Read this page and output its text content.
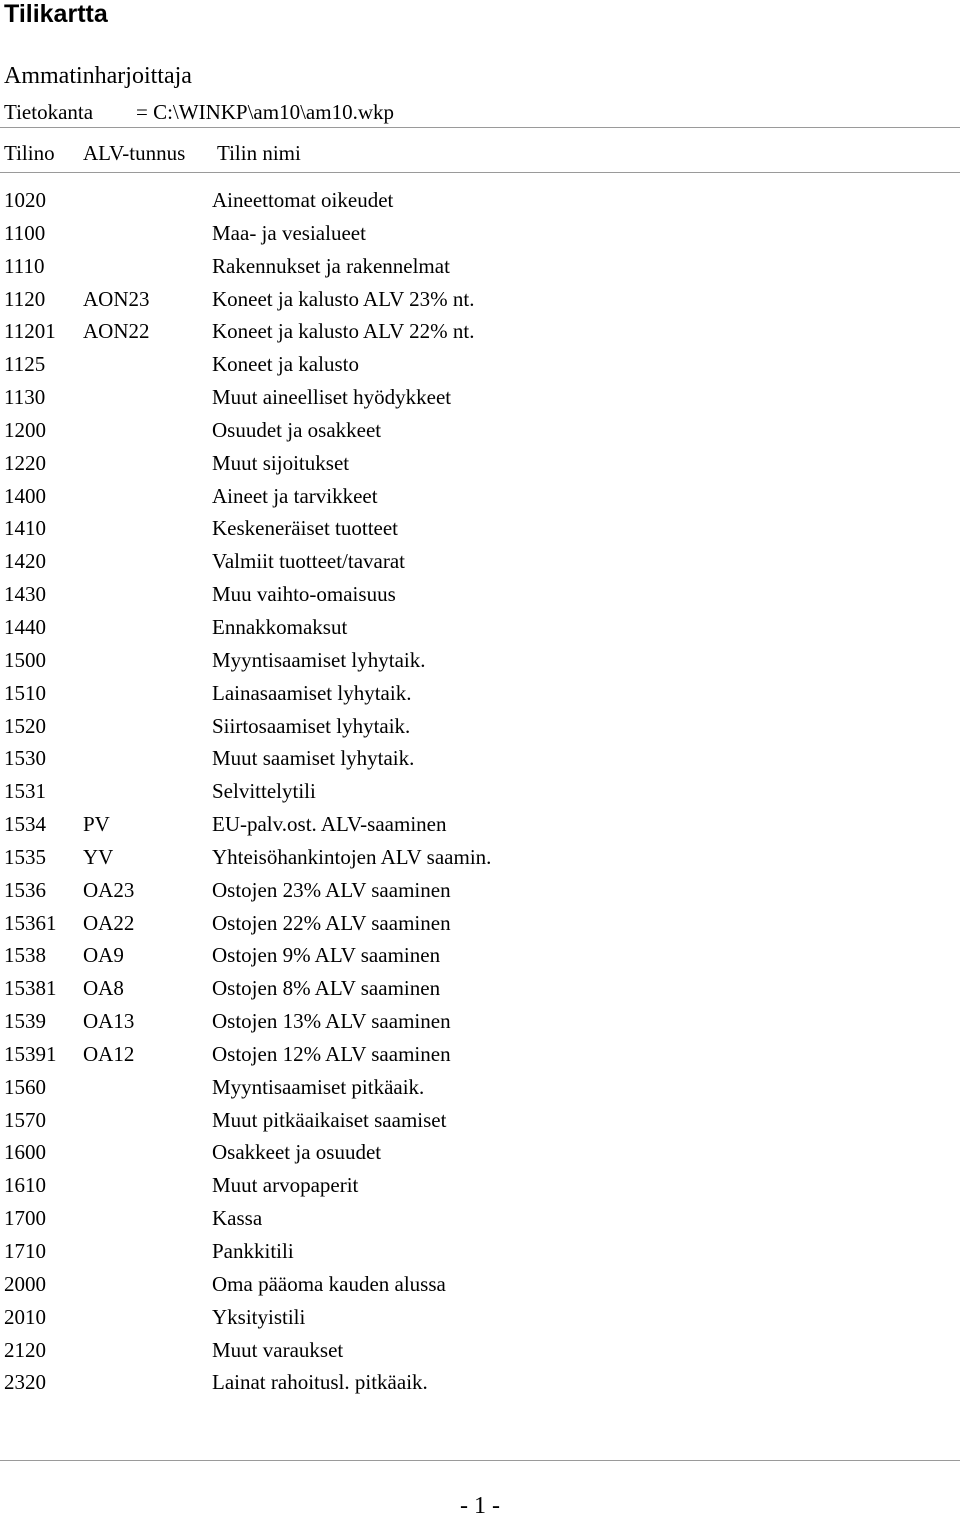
Tilikartta
Ammatinharjoittaja
Tietokanta = C:\WINKP\am10\am10.wkp
Tilino ALV-tunnus Tilin nimi
1020	Aineettomat oikeudet
1100	Maa- ja vesialueet
1110	Rakennukset ja rakennelmat
1120 AON23	Koneet ja kalusto ALV 23% nt.
11201 AON22	Koneet ja kalusto ALV 22% nt.
1125	Koneet ja kalusto
1130	Muut aineelliset hyödykkeet
1200	Osuudet ja osakkeet
1220	Muut sijoitukset
1400	Aineet ja tarvikkeet
1410	Keskeneräiset tuotteet
1420	Valmiit tuotteet/tavarat
1430	Muu vaihto-omaisuus
1440	Ennakkomaksut
1500	Myyntisaamiset lyhytaik.
1510	Lainasaamiset lyhytaik.
1520	Siirtosaamiset lyhytaik.
1530	Muut saamiset lyhytaik.
1531	Selvittelytili
1534 PV	EU-palv.ost. ALV-saaminen
1535 YV	Yhteisöhankintojen ALV saamin.
1536 OA23	Ostojen 23% ALV saaminen
15361 OA22	Ostojen 22% ALV saaminen
1538 OA9	Ostojen 9% ALV saaminen
15381 OA8	Ostojen 8% ALV saaminen
1539 OA13	Ostojen 13% ALV saaminen
15391 OA12	Ostojen 12% ALV saaminen
1560	Myyntisaamiset pitkäaik.
1570	Muut pitkäaikaiset saamiset
1600	Osakkeet ja osuudet
1610	Muut arvopaperit
1700	Kassa
1710	Pankkitili
2000	Oma pääoma kauden alussa
2010	Yksityistili
2120	Muut varaukset
2320	Lainat rahoitusl. pitkäaik.
- 1 -
